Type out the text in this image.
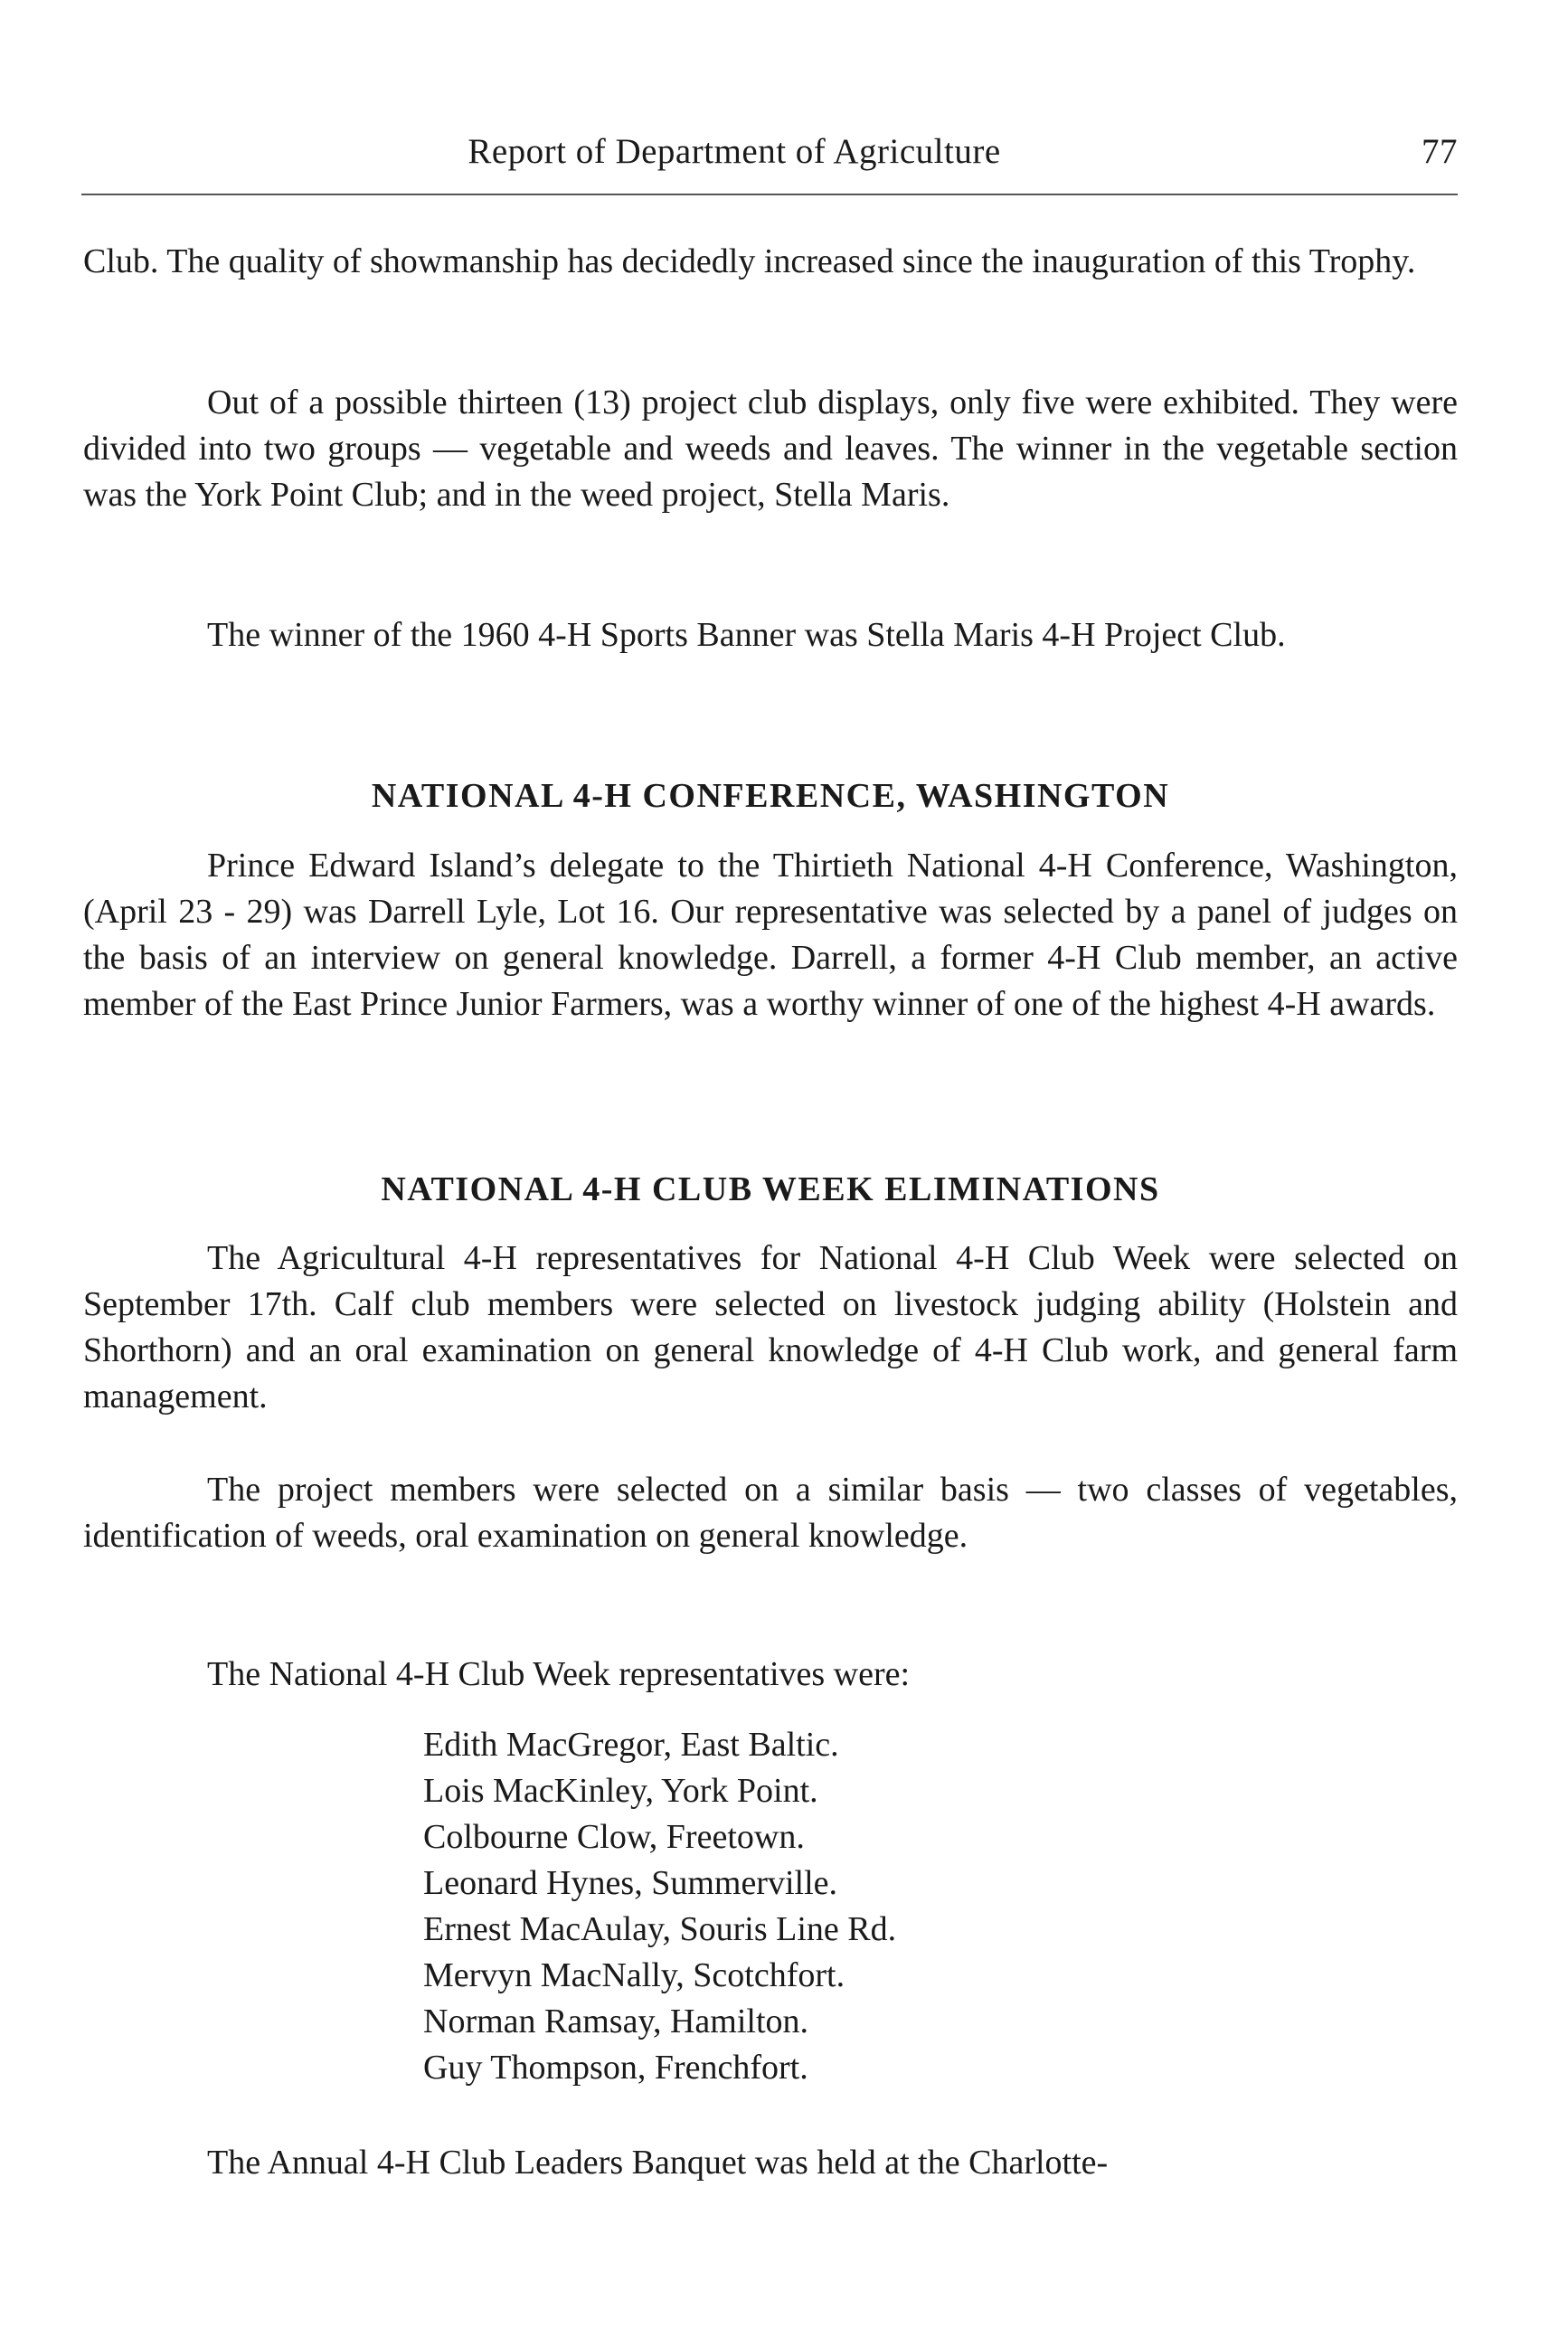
Report of Department of Agriculture	77

Club. The quality of showmanship has decidedly increased since the inauguration of this Trophy.

Out of a possible thirteen (13) project club displays, only five were exhibited. They were divided into two groups — vegetable and weeds and leaves. The winner in the vegetable section was the York Point Club; and in the weed project, Stella Maris.

The winner of the 1960 4-H Sports Banner was Stella Maris 4-H Project Club.

NATIONAL 4-H CONFERENCE, WASHINGTON

Prince Edward Island’s delegate to the Thirtieth National 4-H Conference, Washington, (April 23 - 29) was Darrell Lyle, Lot 16. Our representative was selected by a panel of judges on the basis of an interview on general knowledge. Darrell, a former 4-H Club member, an active member of the East Prince Junior Farmers, was a worthy winner of one of the highest 4-H awards.

NATIONAL 4-H CLUB WEEK ELIMINATIONS

The Agricultural 4-H representatives for National 4-H Club Week were selected on September 17th. Calf club members were selected on livestock judging ability (Holstein and Shorthorn) and an oral examination on general knowledge of 4-H Club work, and general farm management.

The project members were selected on a similar basis — two classes of vegetables, identification of weeds, oral examination on general knowledge.

The National 4-H Club Week representatives were:

Edith MacGregor, East Baltic.
Lois MacKinley, York Point.
Colbourne Clow, Freetown.
Leonard Hynes, Summerville.
Ernest MacAulay, Souris Line Rd.
Mervyn MacNally, Scotchfort.
Norman Ramsay, Hamilton.
Guy Thompson, Frenchfort.

The Annual 4-H Club Leaders Banquet was held at the Charlotte-
